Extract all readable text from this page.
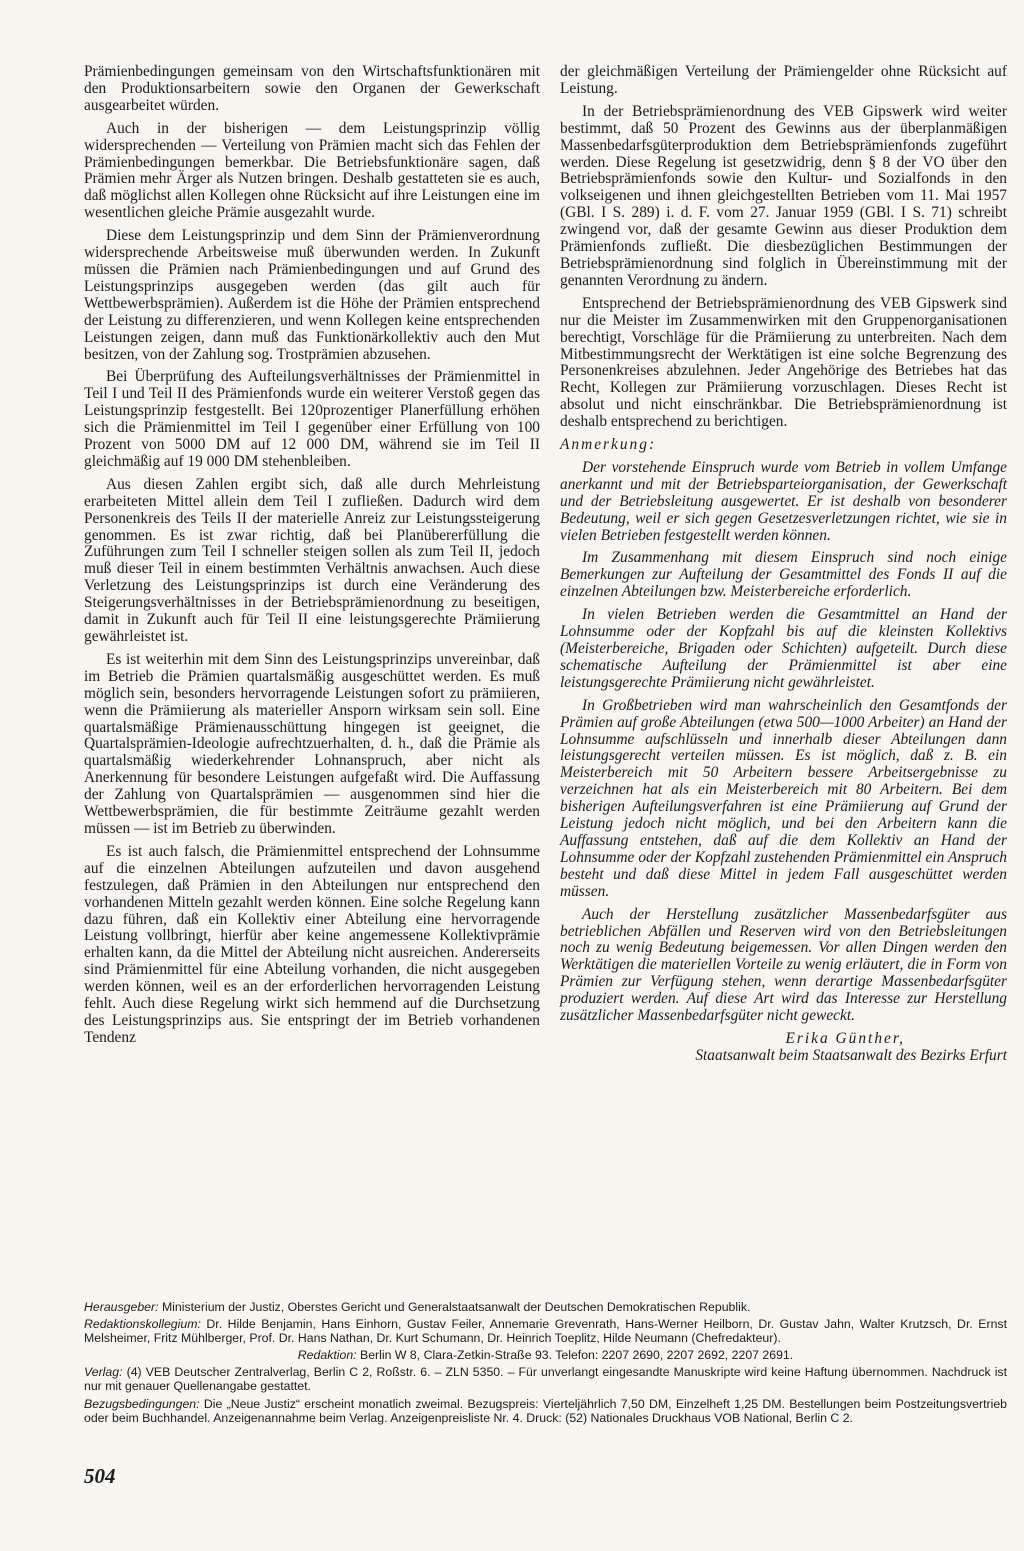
Prämienbedingungen gemeinsam von den Wirtschaftsfunktionären mit den Produktionsarbeitern sowie den Organen der Gewerkschaft ausgearbeitet würden.

Auch in der bisherigen — dem Leistungsprinzip völlig widersprechenden — Verteilung von Prämien macht sich das Fehlen der Prämienbedingungen bemerkbar. Die Betriebsfunktionäre sagen, daß Prämien mehr Ärger als Nutzen bringen. Deshalb gestatteten sie es auch, daß möglichst allen Kollegen ohne Rücksicht auf ihre Leistungen eine im wesentlichen gleiche Prämie ausgezahlt wurde.

Diese dem Leistungsprinzip und dem Sinn der Prämienverordnung widersprechende Arbeitsweise muß überwunden werden. In Zukunft müssen die Prämien nach Prämienbedingungen und auf Grund des Leistungsprinzips ausgegeben werden (das gilt auch für Wettbewerbsprämien). Außerdem ist die Höhe der Prämien entsprechend der Leistung zu differenzieren, und wenn Kollegen keine entsprechenden Leistungen zeigen, dann muß das Funktionärkollektiv auch den Mut besitzen, von der Zahlung sog. Trostprämien abzusehen.

Bei Überprüfung des Aufteilungsverhältnisses der Prämienmittel in Teil I und Teil II des Prämienfonds wurde ein weiterer Verstoß gegen das Leistungsprinzip festgestellt. Bei 120prozentiger Planerfüllung erhöhen sich die Prämienmittel im Teil I gegenüber einer Erfüllung von 100 Prozent von 5000 DM auf 12 000 DM, während sie im Teil II gleichmäßig auf 19 000 DM stehenbleiben.

Aus diesen Zahlen ergibt sich, daß alle durch Mehrleistung erarbeiteten Mittel allein dem Teil I zufließen. Dadurch wird dem Personenkreis des Teils II der materielle Anreiz zur Leistungssteigerung genommen. Es ist zwar richtig, daß bei Planübererfüllung die Zuführungen zum Teil I schneller steigen sollen als zum Teil II, jedoch muß dieser Teil in einem bestimmten Verhältnis anwachsen. Auch diese Verletzung des Leistungsprinzips ist durch eine Veränderung des Steigerungsverhältnisses in der Betriebsprämienordnung zu beseitigen, damit in Zukunft auch für Teil II eine leistungsgerechte Prämiierung gewährleistet ist.

Es ist weiterhin mit dem Sinn des Leistungsprinzips unvereinbar, daß im Betrieb die Prämien quartalsmäßig ausgeschüttet werden. Es muß möglich sein, besonders hervorragende Leistungen sofort zu prämiieren, wenn die Prämiierung als materieller Ansporn wirksam sein soll. Eine quartalsmäßige Prämienausschüttung hingegen ist geeignet, die Quartalsprämien-Ideologie aufrechtzuerhalten, d. h., daß die Prämie als quartalsmäßig wiederkehrender Lohnanspruch, aber nicht als Anerkennung für besondere Leistungen aufgefaßt wird. Die Auffassung der Zahlung von Quartalsprämien — ausgenommen sind hier die Wettbewerbsprämien, die für bestimmte Zeiträume gezahlt werden müssen — ist im Betrieb zu überwinden.

Es ist auch falsch, die Prämienmittel entsprechend der Lohnsumme auf die einzelnen Abteilungen aufzuteilen und davon ausgehend festzulegen, daß Prämien in den Abteilungen nur entsprechend den vorhandenen Mitteln gezahlt werden können. Eine solche Regelung kann dazu führen, daß ein Kollektiv einer Abteilung eine hervorragende Leistung vollbringt, hierfür aber keine angemessene Kollektivprämie erhalten kann, da die Mittel der Abteilung nicht ausreichen. Andererseits sind Prämienmittel für eine Abteilung vorhanden, die nicht ausgegeben werden können, weil es an der erforderlichen hervorragenden Leistung fehlt. Auch diese Regelung wirkt sich hemmend auf die Durchsetzung des Leistungsprinzips aus. Sie entspringt der im Betrieb vorhandenen Tendenz

der gleichmäßigen Verteilung der Prämiengelder ohne Rücksicht auf Leistung.

In der Betriebsprämienordnung des VEB Gipswerk wird weiter bestimmt, daß 50 Prozent des Gewinns aus der überplanmäßigen Massenbedarfsgüterproduktion dem Betriebsprämienfonds zugeführt werden. Diese Regelung ist gesetzwidrig, denn § 8 der VO über den Betriebsprämienfonds sowie den Kultur- und Sozialfonds in den volkseigenen und ihnen gleichgestellten Betrieben vom 11. Mai 1957 (GBl. I S. 289) i. d. F. vom 27. Januar 1959 (GBl. I S. 71) schreibt zwingend vor, daß der gesamte Gewinn aus dieser Produktion dem Prämienfonds zufließt. Die diesbezüglichen Bestimmungen der Betriebsprämienordnung sind folglich in Übereinstimmung mit der genannten Verordnung zu ändern.

Entsprechend der Betriebsprämienordnung des VEB Gipswerk sind nur die Meister im Zusammenwirken mit den Gruppenorganisationen berechtigt, Vorschläge für die Prämiierung zu unterbreiten. Nach dem Mitbestimmungsrecht der Werktätigen ist eine solche Begrenzung des Personenkreises abzulehnen. Jeder Angehörige des Betriebes hat das Recht, Kollegen zur Prämiierung vorzuschlagen. Dieses Recht ist absolut und nicht einschränkbar. Die Betriebsprämienordnung ist deshalb entsprechend zu berichtigen.

Anmerkung:

Der vorstehende Einspruch wurde vom Betrieb in vollem Umfange anerkannt und mit der Betriebsparteiorganisation, der Gewerkschaft und der Betriebsleitung ausgewertet. Er ist deshalb von besonderer Bedeutung, weil er sich gegen Gesetzesverletzungen richtet, wie sie in vielen Betrieben festgestellt werden können.

Im Zusammenhang mit diesem Einspruch sind noch einige Bemerkungen zur Aufteilung der Gesamtmittel des Fonds II auf die einzelnen Abteilungen bzw. Meisterbereiche erforderlich.

In vielen Betrieben werden die Gesamtmittel an Hand der Lohnsumme oder der Kopfzahl bis auf die kleinsten Kollektivs (Meisterbereiche, Brigaden oder Schichten) aufgeteilt. Durch diese schematische Aufteilung der Prämienmittel ist aber eine leistungsgerechte Prämiierung nicht gewährleistet.

In Großbetrieben wird man wahrscheinlich den Gesamtfonds der Prämien auf große Abteilungen (etwa 500—1000 Arbeiter) an Hand der Lohnsumme aufschlüsseln und innerhalb dieser Abteilungen dann leistungsgerecht verteilen müssen. Es ist möglich, daß z. B. ein Meisterbereich mit 50 Arbeitern bessere Arbeitsergebnisse zu verzeichnen hat als ein Meisterbereich mit 80 Arbeitern. Bei dem bisherigen Aufteilungsverfahren ist eine Prämiierung auf Grund der Leistung jedoch nicht möglich, und bei den Arbeitern kann die Auffassung entstehen, daß auf die dem Kollektiv an Hand der Lohnsumme oder der Kopfzahl zustehenden Prämienmittel ein Anspruch besteht und daß diese Mittel in jedem Fall ausgeschüttet werden müssen.

Auch der Herstellung zusätzlicher Massenbedarfsgüter aus betrieblichen Abfällen und Reserven wird von den Betriebsleitungen noch zu wenig Bedeutung beigemessen. Vor allen Dingen werden den Werktätigen die materiellen Vorteile zu wenig erläutert, die in Form von Prämien zur Verfügung stehen, wenn derartige Massenbedarfsgüter produziert werden. Auf diese Art wird das Interesse zur Herstellung zusätzlicher Massenbedarfsgüter nicht geweckt.

Erika Günther,
Staatsanwalt beim Staatsanwalt des Bezirks Erfurt

Herausgeber: Ministerium der Justiz, Oberstes Gericht und Generalstaatsanwalt der Deutschen Demokratischen Republik.
Redaktionskollegium: Dr. Hilde Benjamin, Hans Einhorn, Gustav Feiler, Annemarie Grevenrath, Hans-Werner Heilborn, Dr. Gustav Jahn, Walter Krutzsch, Dr. Ernst Melsheimer, Fritz Mühlberger, Prof. Dr. Hans Nathan, Dr. Kurt Schumann, Dr. Heinrich Toeplitz, Hilde Neumann (Chefredakteur).
Redaktion: Berlin W 8, Clara-Zetkin-Straße 93. Telefon: 2207 2690, 2207 2692, 2207 2691.
Verlag: (4) VEB Deutscher Zentralverlag, Berlin C 2, Roßstr. 6. – ZLN 5350. – Für unverlangt eingesandte Manuskripte wird keine Haftung übernommen. Nachdruck ist nur mit genauer Quellenangabe gestattet.
Bezugsbedingungen: Die „Neue Justiz“ erscheint monatlich zweimal. Bezugspreis: Vierteljährlich 7,50 DM, Einzelheft 1,25 DM. Bestellungen beim Postzeitungsvertrieb oder beim Buchhandel. Anzeigenannahme beim Verlag. Anzeigenpreisliste Nr. 4. Druck: (52) Nationales Druckhaus VOB National, Berlin C 2.
504
